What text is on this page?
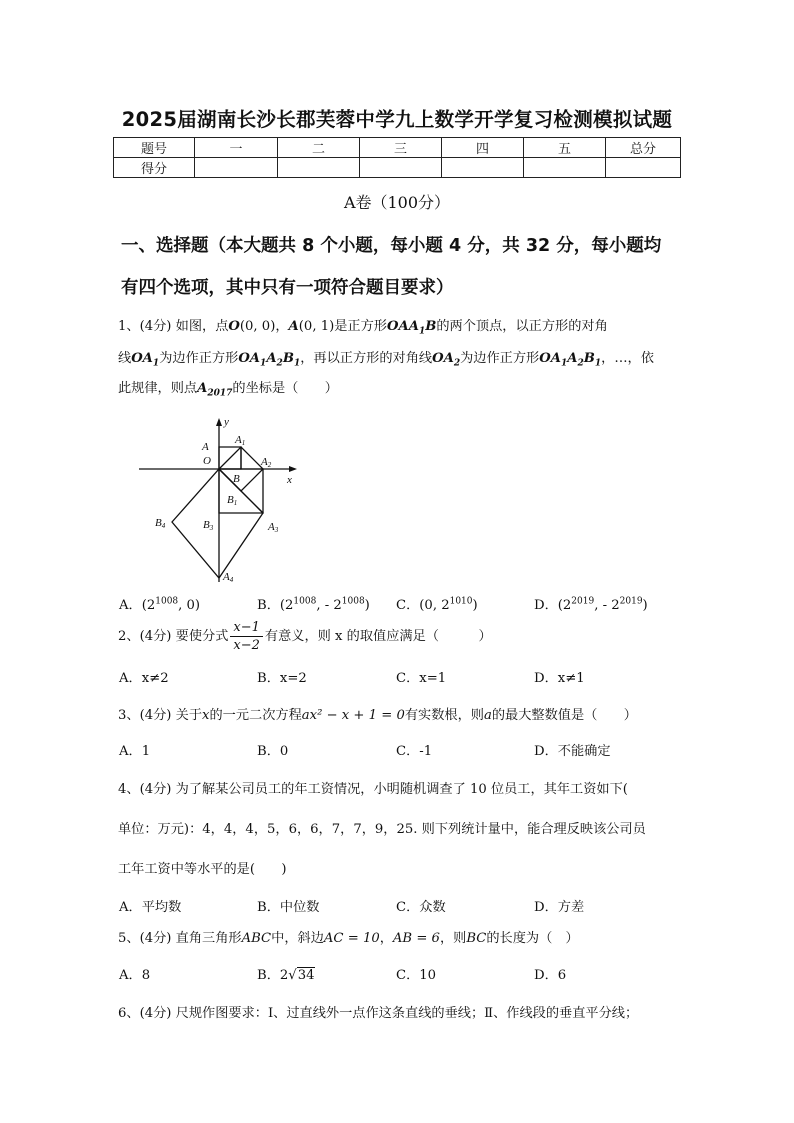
2025届湖南长沙长郡芙蓉中学九上数学开学复习检测模拟试题
题号	一	二	三	四	五	总分
得分						
A卷（100分）
一、选择题（本大题共 8 个小题，每小题 4 分，共 32 分，每小题均
有四个选项，其中只有一项符合题目要求）
1、(4分) 如图，点O(0, 0)，A(0, 1)是正方形$OAA_1B$的两个顶点，以正方形的对角
线$OA_1$为边作正方形$OA_1A_2B_1$，再以正方形的对角线$OA_2$为边作正方形$OA_1A_2B_1$，…，依
此规律，则点$A_{2017}$的坐标是（　　）
y
x
O
A
A1
A2
A3
A4
B
B1
B3
B4
A．($2^{1008}$, 0)	B．($2^{1008}$, - $2^{1008}$) C．(0, $2^{1010}$)	D．($2^{2019}$, - $2^{2019}$)
2、(4分) 要使分式 $\frac{x-1}{x-2}$ 有意义，则 x 的取值应满足（　　　）
A．x≠2	B．x=2	C．x=1	D．x≠1
3、(4分) 关于x的一元二次方程ax² − x + 1 = 0有实数根，则a的最大整数值是（　　）
A．1	B．0	C．-1	D．不能确定
4、(4分) 为了解某公司员工的年工资情况，小明随机调查了 10 位员工，其年工资如下(
单位：万元)：4，4，4，5，6，6，7，7，9，25. 则下列统计量中，能合理反映该公司员
工年工资中等水平的是(　　)
A．平均数	B．中位数	C．众数	D．方差
5、(4分) 直角三角形ABC中，斜边AC = 10，AB = 6，则BC的长度为（　）
A．8	B．2√34	C．10	D．6
6、(4分) 尺规作图要求：Ⅰ、过直线外一点作这条直线的垂线；Ⅱ、作线段的垂直平分线；
